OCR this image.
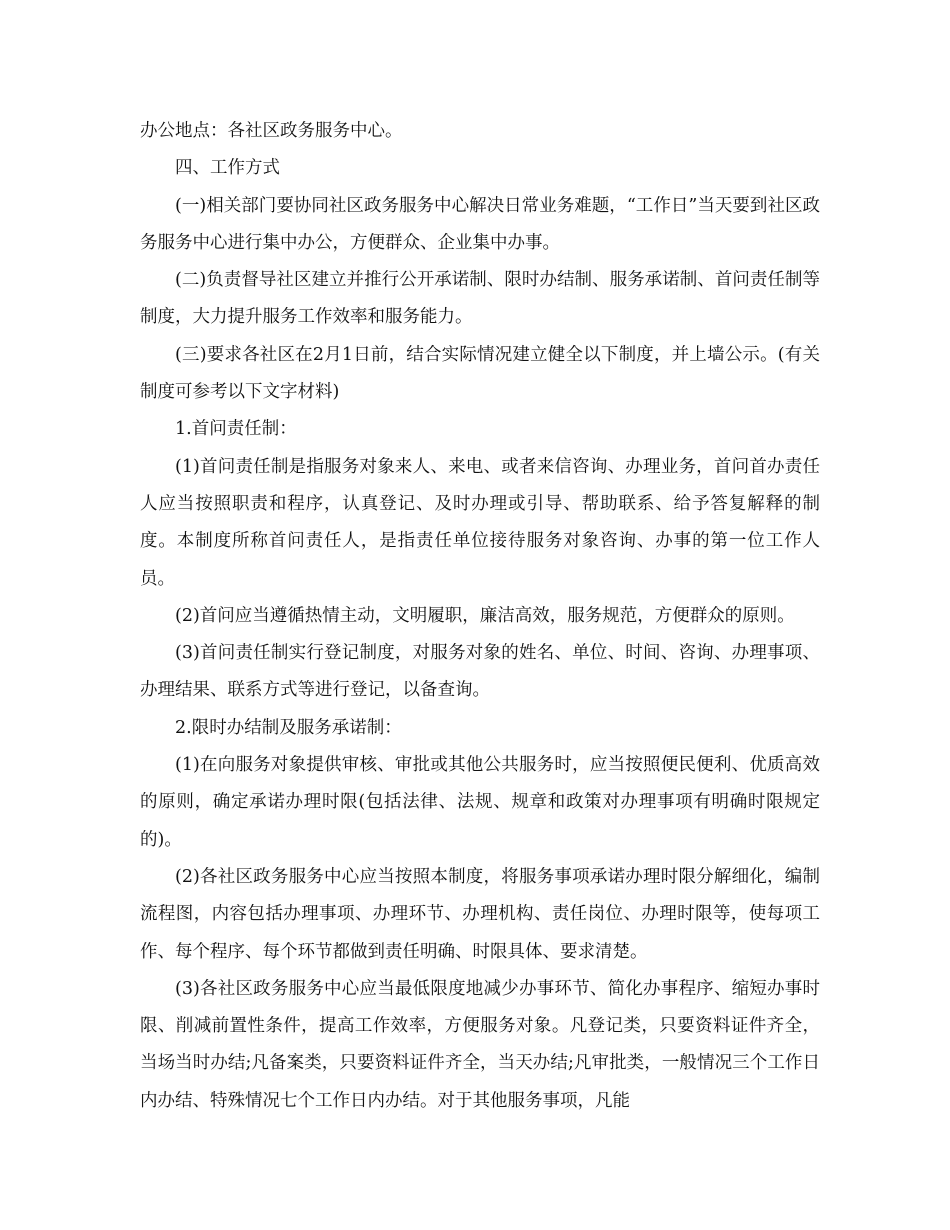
办公地点：各社区政务服务中心。

四、工作方式

(一)相关部门要协同社区政务服务中心解决日常业务难题，“工作日”当天要到社区政务服务中心进行集中办公，方便群众、企业集中办事。

(二)负责督导社区建立并推行公开承诺制、限时办结制、服务承诺制、首问责任制等制度，大力提升服务工作效率和服务能力。

(三)要求各社区在2月1日前，结合实际情况建立健全以下制度，并上墙公示。(有关制度可参考以下文字材料)

1.首问责任制：

(1)首问责任制是指服务对象来人、来电、或者来信咨询、办理业务，首问首办责任人应当按照职责和程序，认真登记、及时办理或引导、帮助联系、给予答复解释的制度。本制度所称首问责任人，是指责任单位接待服务对象咨询、办事的第一位工作人员。

(2)首问应当遵循热情主动，文明履职，廉洁高效，服务规范，方便群众的原则。

(3)首问责任制实行登记制度，对服务对象的姓名、单位、时间、咨询、办理事项、办理结果、联系方式等进行登记，以备查询。

2.限时办结制及服务承诺制：

(1)在向服务对象提供审核、审批或其他公共服务时，应当按照便民便利、优质高效的原则，确定承诺办理时限(包括法律、法规、规章和政策对办理事项有明确时限规定的)。

(2)各社区政务服务中心应当按照本制度，将服务事项承诺办理时限分解细化，编制流程图，内容包括办理事项、办理环节、办理机构、责任岗位、办理时限等，使每项工作、每个程序、每个环节都做到责任明确、时限具体、要求清楚。

(3)各社区政务服务中心应当最低限度地减少办事环节、简化办事程序、缩短办事时限、削减前置性条件，提高工作效率，方便服务对象。凡登记类，只要资料证件齐全，当场当时办结;凡备案类，只要资料证件齐全，当天办结;凡审批类，一般情况三个工作日内办结、特殊情况七个工作日内办结。对于其他服务事项，凡能
